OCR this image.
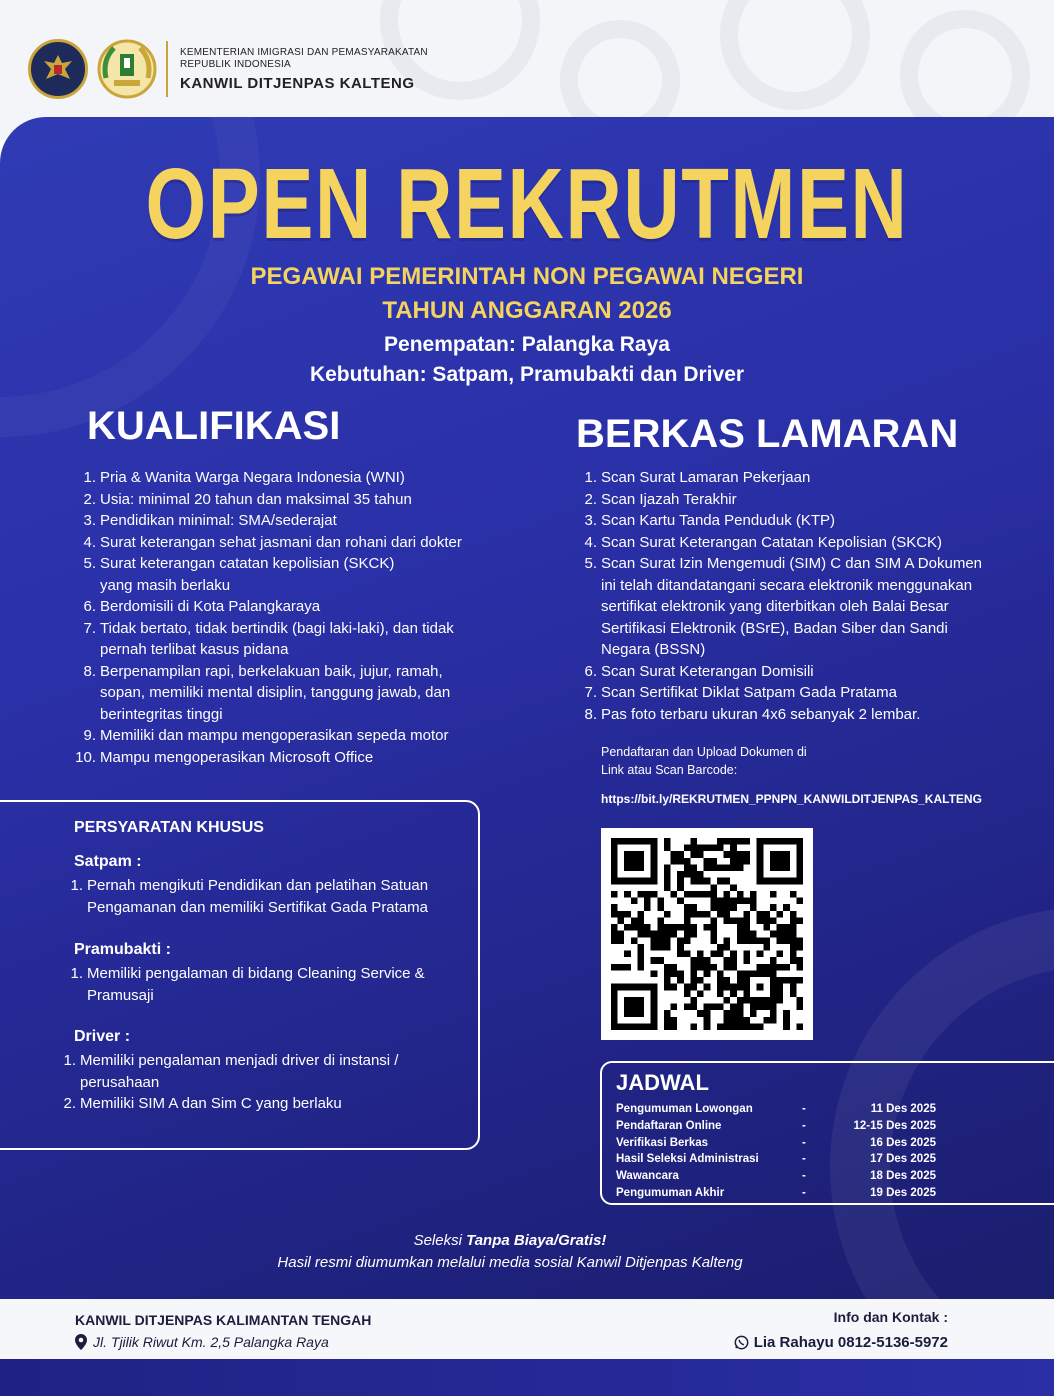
KEMENTERIAN IMIGRASI DAN PEMASYARAKATAN
REPUBLIK INDONESIA
KANWIL DITJENPAS KALTENG
OPEN REKRUTMEN
PEGAWAI PEMERINTAH NON PEGAWAI NEGERI
TAHUN ANGGARAN 2026
Penempatan: Palangka Raya
Kebutuhan: Satpam, Pramubakti dan Driver
KUALIFIKASI
1. Pria & Wanita Warga Negara Indonesia (WNI)
2. Usia: minimal 20 tahun dan maksimal 35 tahun
3. Pendidikan minimal: SMA/sederajat
4. Surat keterangan sehat jasmani dan rohani dari dokter
5. Surat keterangan catatan kepolisian (SKCK) yang masih berlaku
6. Berdomisili di Kota Palangkaraya
7. Tidak bertato, tidak bertindik (bagi laki-laki), dan tidak pernah terlibat kasus pidana
8. Berpenampilan rapi, berkelakuan baik, jujur, ramah, sopan, memiliki mental disiplin, tanggung jawab, dan berintegritas tinggi
9. Memiliki dan mampu mengoperasikan sepeda motor
10. Mampu mengoperasikan Microsoft Office
PERSYARATAN KHUSUS
Satpam :
1. Pernah mengikuti Pendidikan dan pelatihan Satuan Pengamanan dan memiliki Sertifikat Gada Pratama
Pramubakti :
1. Memiliki pengalaman di bidang Cleaning Service & Pramusaji
Driver :
1. Memiliki pengalaman menjadi driver di instansi / perusahaan
2. Memiliki SIM A dan Sim C yang berlaku
BERKAS LAMARAN
1. Scan Surat Lamaran Pekerjaan
2. Scan Ijazah Terakhir
3. Scan Kartu Tanda Penduduk (KTP)
4. Scan Surat Keterangan Catatan Kepolisian (SKCK)
5. Scan Surat Izin Mengemudi (SIM) C dan SIM A Dokumen ini telah ditandatangani secara elektronik menggunakan sertifikat elektronik yang diterbitkan oleh Balai Besar Sertifikasi Elektronik (BSrE), Badan Siber dan Sandi Negara (BSSN)
6. Scan Surat Keterangan Domisili
7. Scan Sertifikat Diklat Satpam Gada Pratama
8. Pas foto terbaru ukuran 4x6 sebanyak 2 lembar.
Pendaftaran dan Upload Dokumen di
Link atau Scan Barcode:
https://bit.ly/REKRUTMEN_PPNPN_KANWILDITJENPAS_KALTENG
JADWAL
Pengumuman Lowongan	-	11 Des 2025
Pendaftaran Online	-	12-15 Des 2025
Verifikasi Berkas	-	16 Des 2025
Hasil Seleksi Administrasi	-	17 Des 2025
Wawancara	-	18 Des 2025
Pengumuman Akhir	-	19 Des 2025
Seleksi Tanpa Biaya/Gratis!
Hasil resmi diumumkan melalui media sosial Kanwil Ditjenpas Kalteng
KANWIL DITJENPAS KALIMANTAN TENGAH
Jl. Tjilik Riwut Km. 2,5 Palangka Raya
Info dan Kontak :
Lia Rahayu 0812-5136-5972
